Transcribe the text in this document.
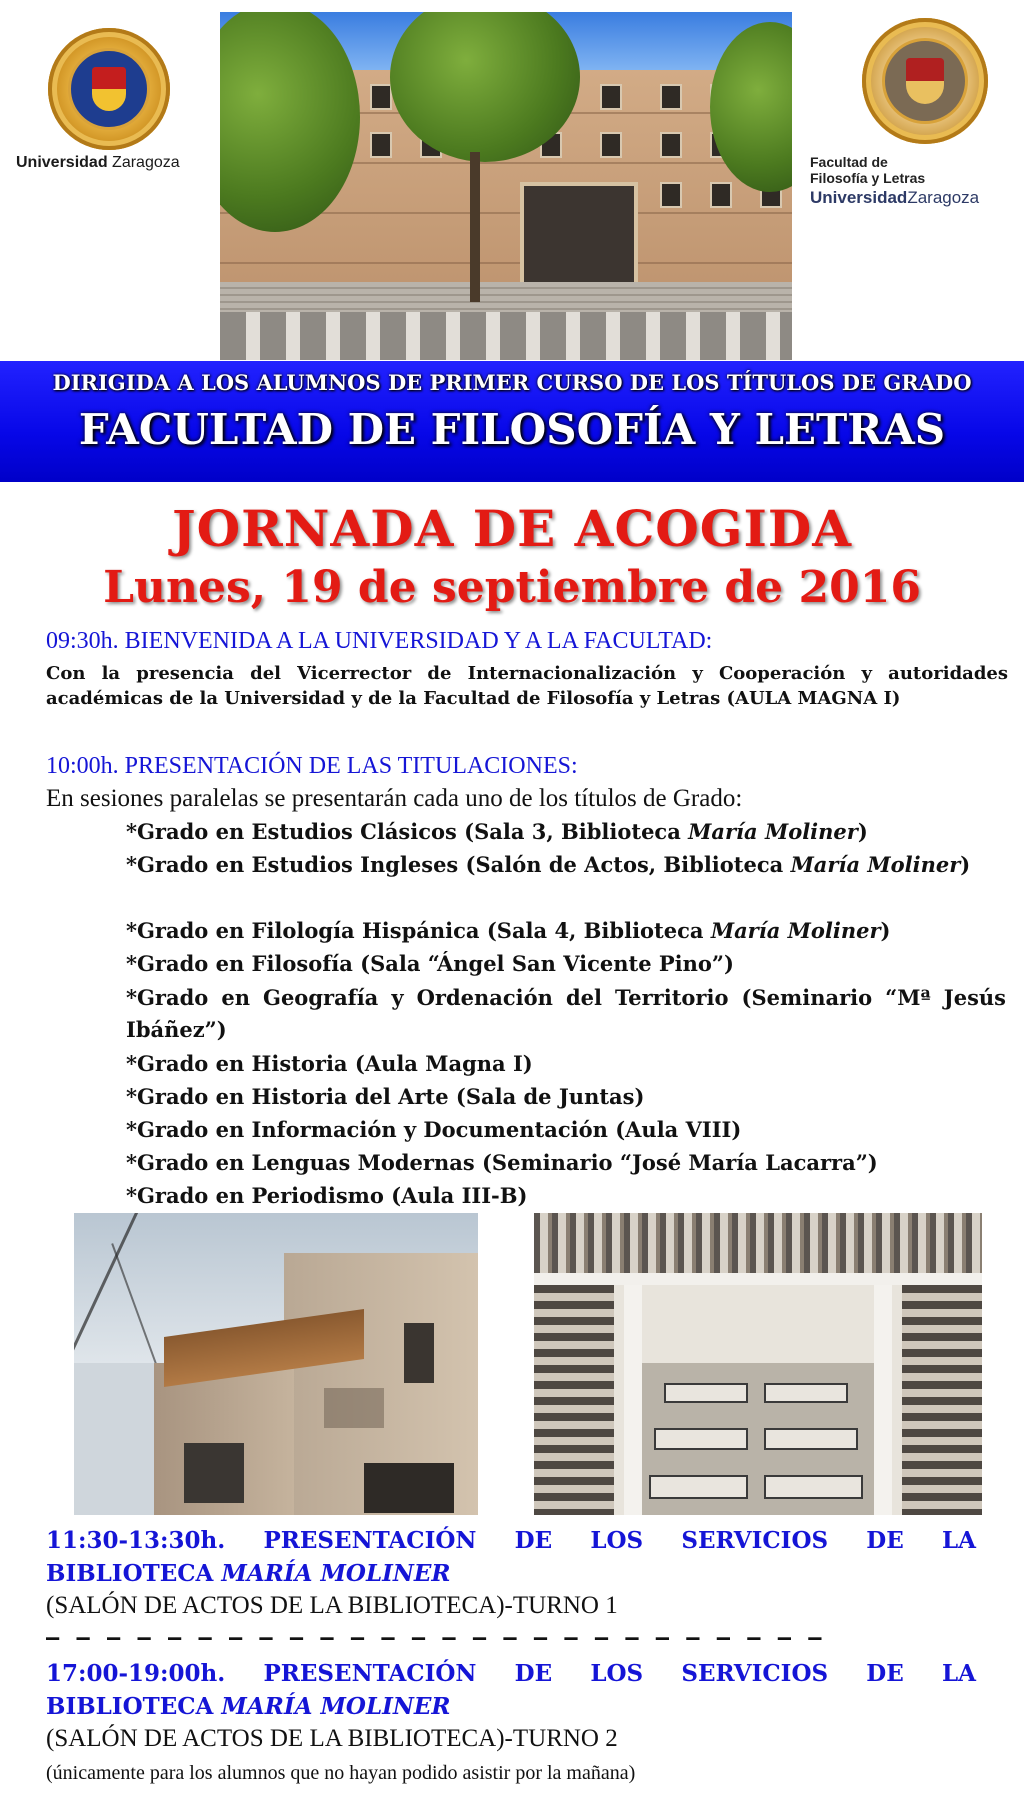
Universidad Zaragoza	Facultad de
Filosofía y Letras
UniversidadZaragoza
DIRIGIDA A LOS ALUMNOS DE PRIMER CURSO DE LOS TÍTULOS DE GRADO
FACULTAD DE FILOSOFÍA Y LETRAS
JORNADA DE ACOGIDA
Lunes, 19 de septiembre de 2016
09:30h. BIENVENIDA A LA UNIVERSIDAD Y A LA FACULTAD:
Con la presencia del Vicerrector de Internacionalización y Cooperación y autoridades académicas de la Universidad y de la Facultad de Filosofía y Letras (AULA MAGNA I)
10:00h. PRESENTACIÓN DE LAS TITULACIONES:
En sesiones paralelas se presentarán cada uno de los títulos de Grado:
*Grado en Estudios Clásicos (Sala 3, Biblioteca María Moliner)
*Grado en Estudios Ingleses (Salón de Actos, Biblioteca María Moliner)
*Grado en Filología Hispánica (Sala 4, Biblioteca María Moliner)
*Grado en Filosofía (Sala “Ángel San Vicente Pino”)
*Grado en Geografía y Ordenación del Territorio (Seminario “Mª Jesús Ibáñez”)
*Grado en Historia (Aula Magna I)
*Grado en Historia del Arte (Sala de Juntas)
*Grado en Información y Documentación (Aula VIII)
*Grado en Lenguas Modernas (Seminario “José María Lacarra”)
*Grado en Periodismo (Aula III-B)
11:30-13:30h. PRESENTACIÓN DE LOS SERVICIOS DE LA
BIBLIOTECA MARÍA MOLINER
(SALÓN DE ACTOS DE LA BIBLIOTECA)-TURNO 1
— — — — — — — — — — — — — — — — — — — — — — — — — —
17:00-19:00h. PRESENTACIÓN DE LOS SERVICIOS DE LA
BIBLIOTECA MARÍA MOLINER
(SALÓN DE ACTOS DE LA BIBLIOTECA)-TURNO 2
(únicamente para los alumnos que no hayan podido asistir por la mañana)
